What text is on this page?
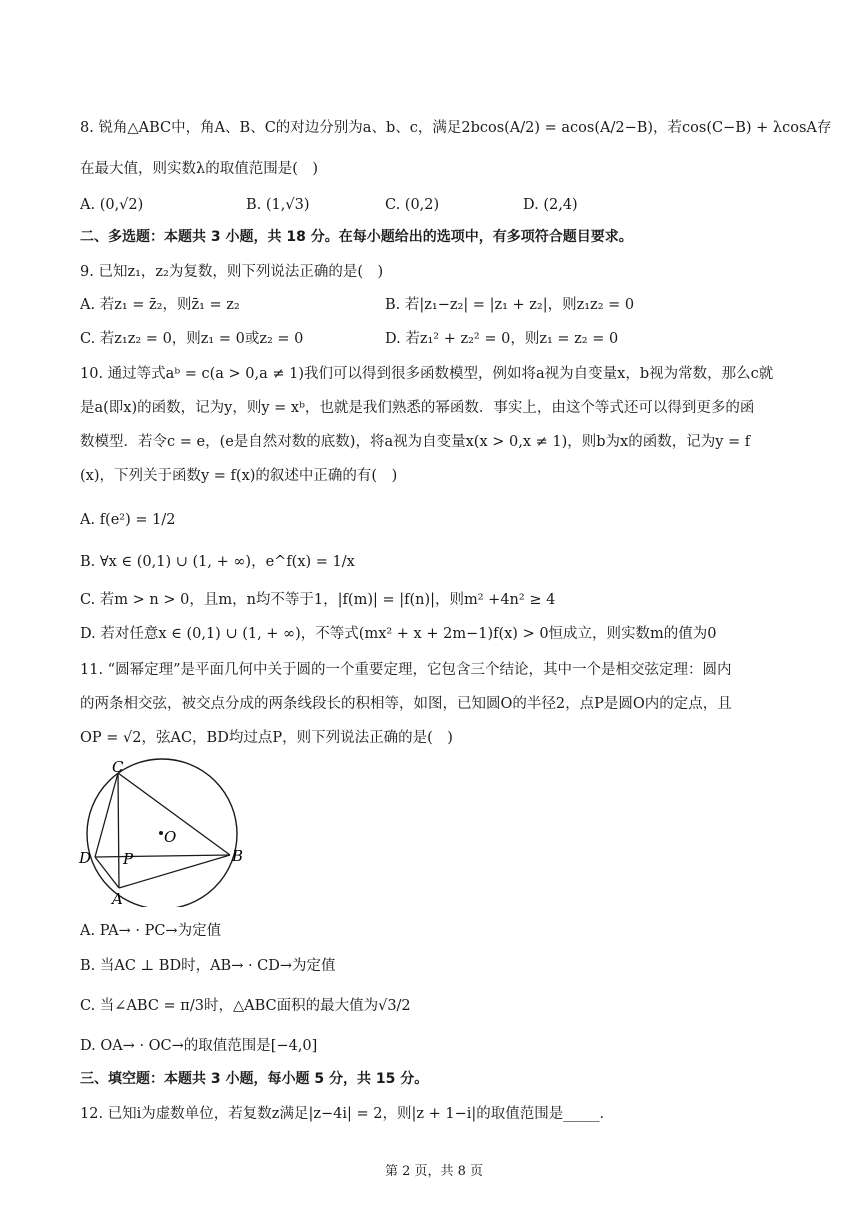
8. 锐角△ABC中，角A、B、C的对边分别为a、b、c，满足2bcos(A/2) = acos(A/2−B)，若cos(C−B) + λcosA存
在最大值，则实数λ的取值范围是(　)
A. (0,√2)	B. (1,√3)	C. (0,2)	D. (2,4)
二、多选题：本题共 3 小题，共 18 分。在每小题给出的选项中，有多项符合题目要求。
9. 已知z₁，z₂为复数，则下列说法正确的是(　)
A. 若z₁ = z̄₂，则z̄₁ = z₂	B. 若|z₁−z₂| = |z₁ + z₂|，则z₁z₂ = 0
C. 若z₁z₂ = 0，则z₁ = 0或z₂ = 0	D. 若z₁² + z₂² = 0，则z₁ = z₂ = 0
10. 通过等式aᵇ = c(a > 0,a ≠ 1)我们可以得到很多函数模型，例如将a视为自变量x，b视为常数，那么c就
是a(即x)的函数，记为y，则y = xᵇ，也就是我们熟悉的幂函数．事实上，由这个等式还可以得到更多的函
数模型．若令c = e，(e是自然对数的底数)，将a视为自变量x(x > 0,x ≠ 1)，则b为x的函数，记为y = f
(x)，下列关于函数y = f(x)的叙述中正确的有(　)
A. f(e²) = 1/2
B. ∀x ∈ (0,1) ∪ (1, + ∞)，e^f(x) = 1/x
C. 若m > n > 0，且m，n均不等于1，|f(m)| = |f(n)|，则m² +4n² ≥ 4
D. 若对任意x ∈ (0,1) ∪ (1, + ∞)，不等式(mx² + x + 2m−1)f(x) > 0恒成立，则实数m的值为0
11. “圆幂定理”是平面几何中关于圆的一个重要定理，它包含三个结论，其中一个是相交弦定理：圆内
的两条相交弦，被交点分成的两条线段长的积相等，如图，已知圆O的半径2，点P是圆O内的定点，且
OP = √2，弦AC，BD均过点P，则下列说法正确的是(　)
C
O
D P	B
A
A. PA→ · PC→为定值
B. 当AC ⊥ BD时，AB→ · CD→为定值
C. 当∠ABC = π/3时，△ABC面积的最大值为√3/2
D. OA→ · OC→的取值范围是[−4,0]
三、填空题：本题共 3 小题，每小题 5 分，共 15 分。
12. 已知i为虚数单位，若复数z满足|z−4i| = 2，则|z + 1−i|的取值范围是_____．
第 2 页，共 8 页
